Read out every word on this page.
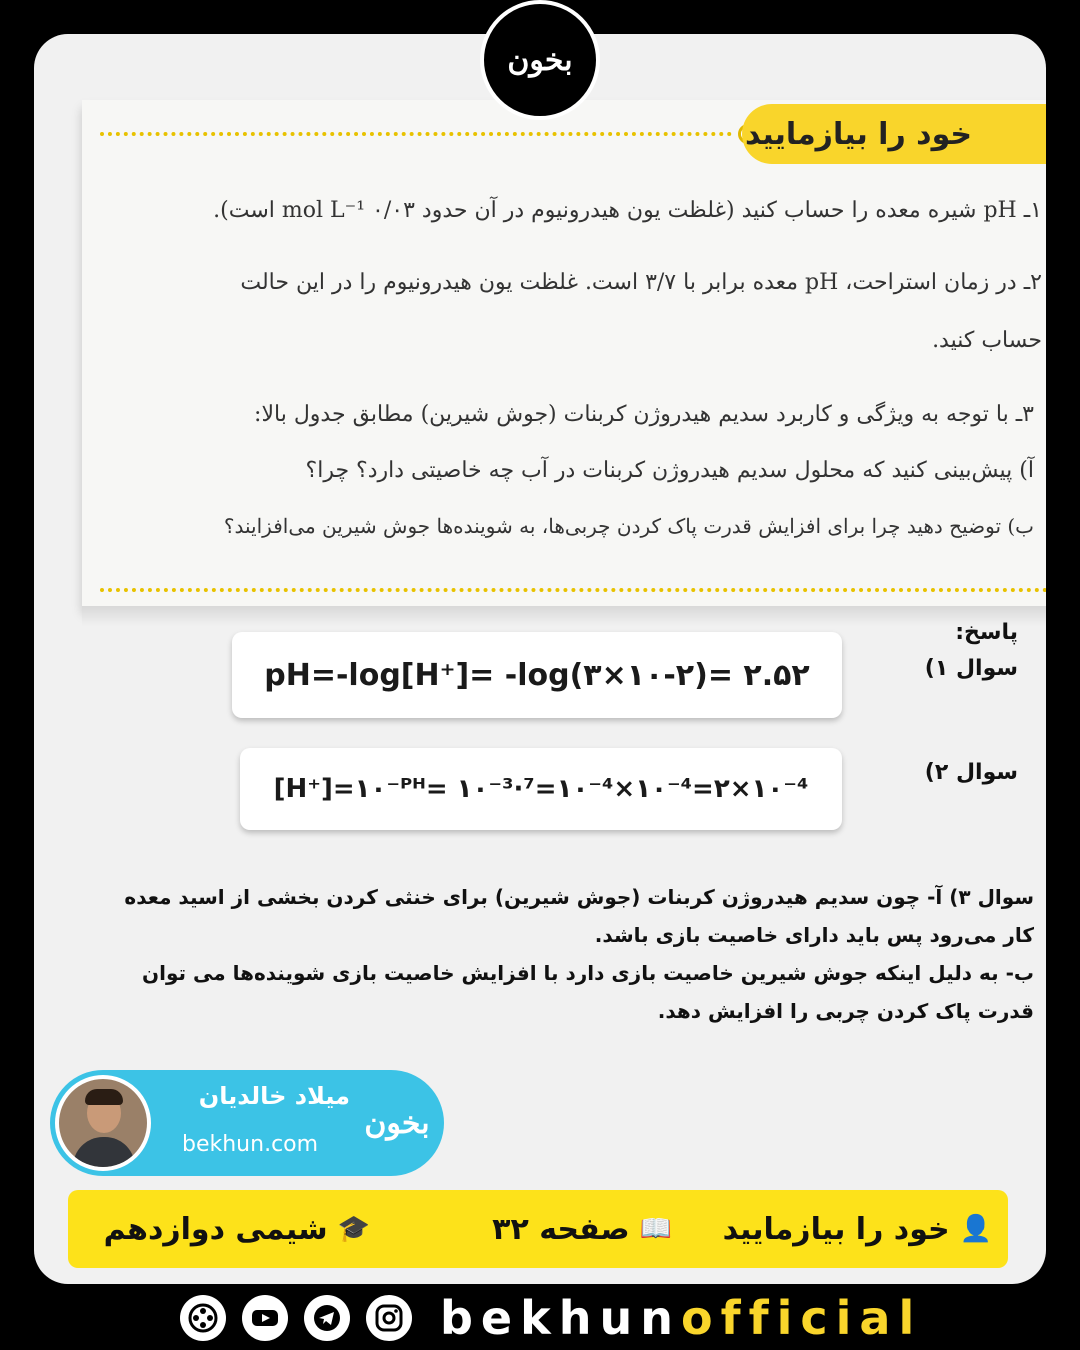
خود را بیازمایید
۱ـ pH شیره معده را حساب کنید (غلظت یون هیدرونیوم در آن حدود ۰/۰۳ mol L⁻¹ است).
۲ـ در زمان استراحت، pH معده برابر با ۳/۷ است. غلظت یون هیدرونیوم را در این حالت
حساب کنید.
۳ـ با توجه به ویژگی و کاربرد سدیم هیدروژن کربنات (جوش شیرین) مطابق جدول بالا:
آ) پیش‌بینی کنید که محلول سدیم هیدروژن کربنات در آب چه خاصیتی دارد؟ چرا؟
ب) توضیح دهید چرا برای افزایش قدرت پاک کردن چربی‌ها، به شوینده‌ها جوش شیرین می‌افزایند؟
پاسخ:
سوال ۱)
pH=-log[H⁺]= -log(۳×۱۰-۲)= ۲.۵۲
سوال ۲)
[H⁺]=۱۰⁻ᴾᴴ= ۱۰⁻³·⁷=۱۰⁻⁴×۱۰⁻⁴=۲×۱۰⁻⁴
سوال ۳) آ- چون سدیم هیدروژن کربنات (جوش شیرین) برای خنثی کردن بخشی از اسید معده
کار می‌رود پس باید دارای خاصیت بازی باشد.
ب- به دلیل اینکه جوش شیرین خاصیت بازی دارد با افزایش خاصیت بازی شوینده‌ها می توان
قدرت پاک کردن چربی را افزایش دهد.
میلاد خالدیان
bekhun.com
بخون
👤
خود را بیازمایید
📖
صفحه ۳۲
🎓
شیمی دوازدهم
بخون
bekhunofficial
